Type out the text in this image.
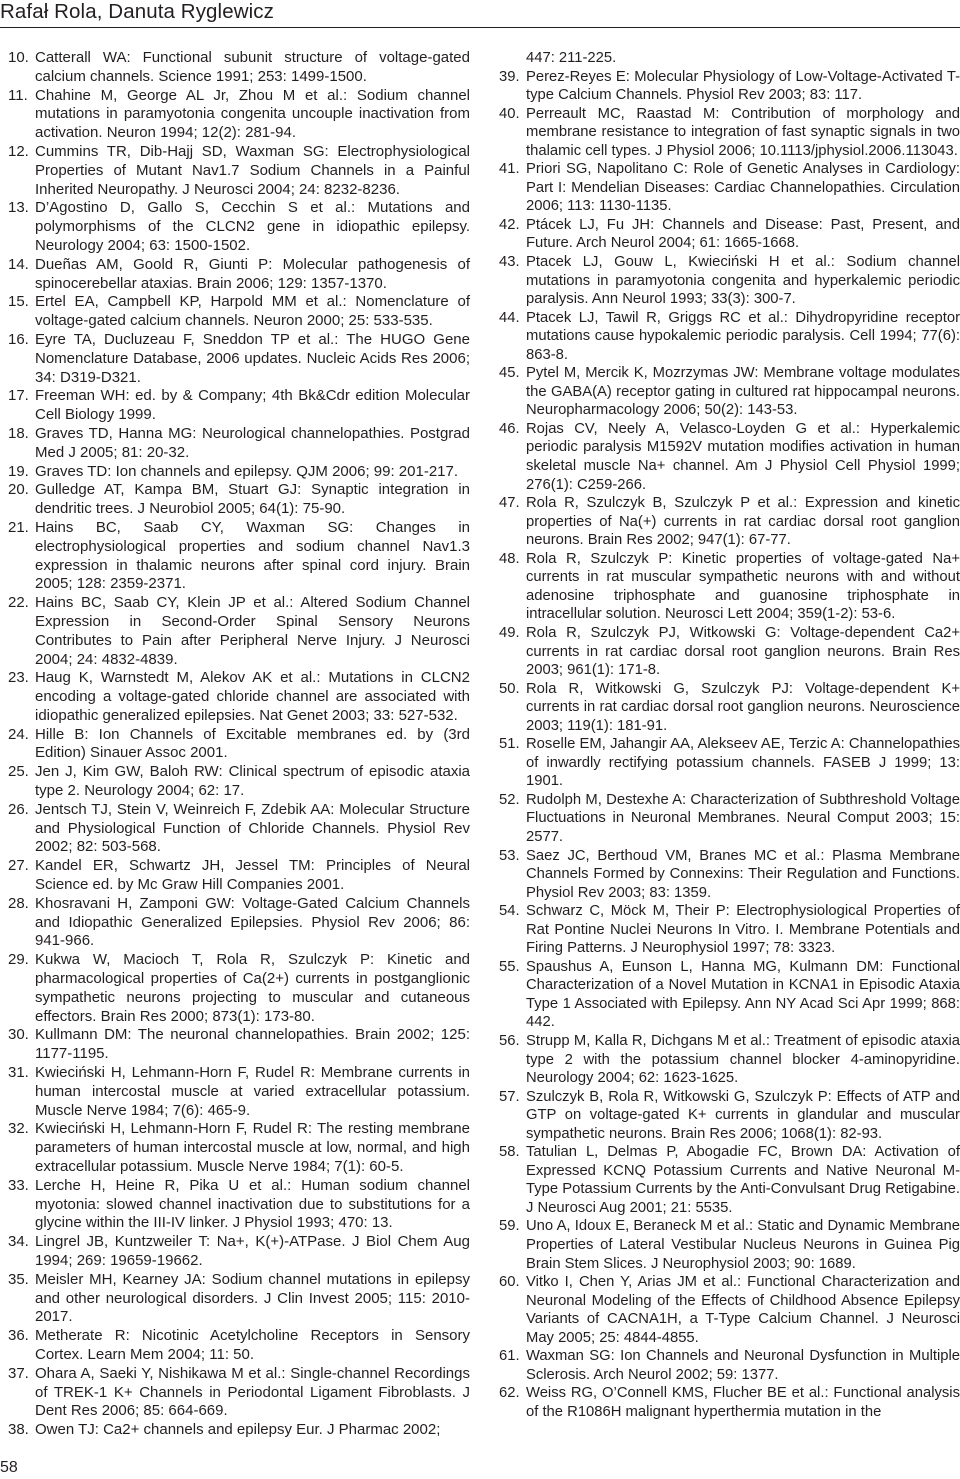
Rafał Rola, Danuta Ryglewicz

10. Catterall WA: Functional subunit structure of voltage-gated calcium channels. Science 1991; 253: 1499-1500.

11. Chahine M, George AL Jr, Zhou M et al.: Sodium channel mutations in paramyotonia congenita uncouple inactivation from activation. Neuron 1994; 12(2): 281-94.

12. Cummins TR, Dib-Hajj SD, Waxman SG: Electrophysiological Properties of Mutant Nav1.7 Sodium Channels in a Painful Inherited Neuropathy. J Neurosci 2004; 24: 8232-8236.

13. D’Agostino D, Gallo S, Cecchin S et al.: Mutations and polymorphisms of the CLCN2 gene in idiopathic epilepsy. Neurology 2004; 63: 1500-1502.

14. Dueñas AM, Goold R, Giunti P: Molecular pathogenesis of spinocerebellar ataxias. Brain 2006; 129: 1357-1370.

15. Ertel EA, Campbell KP, Harpold MM et al.: Nomenclature of voltage-gated calcium channels. Neuron 2000; 25: 533-535.

16. Eyre TA, Ducluzeau F, Sneddon TP et al.: The HUGO Gene Nomenclature Database, 2006 updates. Nucleic Acids Res 2006; 34: D319-D321.

17. Freeman WH: ed. by & Company; 4th Bk&Cdr edition Molecular Cell Biology 1999.

18. Graves TD, Hanna MG: Neurological channelopathies. Postgrad Med J 2005; 81: 20-32.

19. Graves TD: Ion channels and epilepsy. QJM 2006; 99: 201-217.

20. Gulledge AT, Kampa BM, Stuart GJ: Synaptic integration in dendritic trees. J Neurobiol 2005; 64(1): 75-90.

21. Hains BC, Saab CY, Waxman SG: Changes in electrophysiological properties and sodium channel Nav1.3 expression in thalamic neurons after spinal cord injury. Brain 2005; 128: 2359-2371.

22. Hains BC, Saab CY, Klein JP et al.: Altered Sodium Channel Expression in Second-Order Spinal Sensory Neurons Contributes to Pain after Peripheral Nerve Injury. J Neurosci 2004; 24: 4832-4839.

23. Haug K, Warnstedt M, Alekov AK et al.: Mutations in CLCN2 encoding a voltage-gated chloride channel are associated with idiopathic generalized epilepsies. Nat Genet 2003; 33: 527-532.

24. Hille B: Ion Channels of Excitable membranes ed. by (3rd Edition) Sinauer Assoc 2001.

25. Jen J, Kim GW, Baloh RW: Clinical spectrum of episodic ataxia type 2. Neurology 2004; 62: 17.

26. Jentsch TJ, Stein V, Weinreich F, Zdebik AA: Molecular Structure and Physiological Function of Chloride Channels. Physiol Rev 2002; 82: 503-568.

27. Kandel ER, Schwartz JH, Jessel TM: Principles of Neural Science ed. by Mc Graw Hill Companies 2001.

28. Khosravani H, Zamponi GW: Voltage-Gated Calcium Channels and Idiopathic Generalized Epilepsies. Physiol Rev 2006; 86: 941-966.

29. Kukwa W, Macioch T, Rola R, Szulczyk P: Kinetic and pharmacological properties of Ca(2+) currents in postganglionic sympathetic neurons projecting to muscular and cutaneous effectors. Brain Res 2000; 873(1): 173-80.

30. Kullmann DM: The neuronal channelopathies. Brain 2002; 125: 1177-1195.

31. Kwieciński H, Lehmann-Horn F, Rudel R: Membrane currents in human intercostal muscle at varied extracellular potassium. Muscle Nerve 1984; 7(6): 465-9.

32. Kwieciński H, Lehmann-Horn F, Rudel R: The resting membrane parameters of human intercostal muscle at low, normal, and high extracellular potassium. Muscle Nerve 1984; 7(1): 60-5.

33. Lerche H, Heine R, Pika U et al.: Human sodium channel myotonia: slowed channel inactivation due to substitutions for a glycine within the III-IV linker. J Physiol 1993; 470: 13.

34. Lingrel JB, Kuntzweiler T: Na+, K(+)-ATPase. J Biol Chem Aug 1994; 269: 19659-19662.

35. Meisler MH, Kearney JA: Sodium channel mutations in epilepsy and other neurological disorders. J Clin Invest 2005; 115: 2010-2017.

36. Metherate R: Nicotinic Acetylcholine Receptors in Sensory Cortex. Learn Mem 2004; 11: 50.

37. Ohara A, Saeki Y, Nishikawa M et al.: Single-channel Recordings of TREK-1 K+ Channels in Periodontal Ligament Fibroblasts. J Dent Res 2006; 85: 664-669.

38. Owen TJ: Ca2+ channels and epilepsy Eur. J Pharmac 2002;

447: 211-225.

39. Perez-Reyes E: Molecular Physiology of Low-Voltage-Activated T-type Calcium Channels. Physiol Rev 2003; 83: 117.

40. Perreault MC, Raastad M: Contribution of morphology and membrane resistance to integration of fast synaptic signals in two thalamic cell types. J Physiol 2006; 10.1113/jphysiol.2006.113043.

41. Priori SG, Napolitano C: Role of Genetic Analyses in Cardiology: Part I: Mendelian Diseases: Cardiac Channelopathies. Circulation 2006; 113: 1130-1135.

42. Ptácek LJ, Fu JH: Channels and Disease: Past, Present, and Future. Arch Neurol 2004; 61: 1665-1668.

43. Ptacek LJ, Gouw L, Kwieciński H et al.: Sodium channel mutations in paramyotonia congenita and hyperkalemic periodic paralysis. Ann Neurol 1993; 33(3): 300-7.

44. Ptacek LJ, Tawil R, Griggs RC et al.: Dihydropyridine receptor mutations cause hypokalemic periodic paralysis. Cell 1994; 77(6): 863-8.

45. Pytel M, Mercik K, Mozrzymas JW: Membrane voltage modulates the GABA(A) receptor gating in cultured rat hippocampal neurons. Neuropharmacology 2006; 50(2): 143-53.

46. Rojas CV, Neely A, Velasco-Loyden G et al.: Hyperkalemic periodic paralysis M1592V mutation modifies activation in human skeletal muscle Na+ channel. Am J Physiol Cell Physiol 1999; 276(1): C259-266.

47. Rola R, Szulczyk B, Szulczyk P et al.: Expression and kinetic properties of Na(+) currents in rat cardiac dorsal root ganglion neurons. Brain Res 2002; 947(1): 67-77.

48. Rola R, Szulczyk P: Kinetic properties of voltage-gated Na+ currents in rat muscular sympathetic neurons with and without adenosine triphosphate and guanosine triphosphate in intracellular solution. Neurosci Lett 2004; 359(1-2): 53-6.

49. Rola R, Szulczyk PJ, Witkowski G: Voltage-dependent Ca2+ currents in rat cardiac dorsal root ganglion neurons. Brain Res 2003; 961(1): 171-8.

50. Rola R, Witkowski G, Szulczyk PJ: Voltage-dependent K+ currents in rat cardiac dorsal root ganglion neurons. Neuroscience 2003; 119(1): 181-91.

51. Roselle EM, Jahangir AA, Alekseev AE, Terzic A: Channelopathies of inwardly rectifying potassium channels. FASEB J 1999; 13: 1901.

52. Rudolph M, Destexhe A: Characterization of Subthreshold Voltage Fluctuations in Neuronal Membranes. Neural Comput 2003; 15: 2577.

53. Saez JC, Berthoud VM, Branes MC et al.: Plasma Membrane Channels Formed by Connexins: Their Regulation and Functions. Physiol Rev 2003; 83: 1359.

54. Schwarz C, Möck M, Their P: Electrophysiological Properties of Rat Pontine Nuclei Neurons In Vitro. I. Membrane Potentials and Firing Patterns. J Neurophysiol 1997; 78: 3323.

55. Spaushus A, Eunson L, Hanna MG, Kulmann DM: Functional Characterization of a Novel Mutation in KCNA1 in Episodic Ataxia Type 1 Associated with Epilepsy. Ann NY Acad Sci Apr 1999; 868: 442.

56. Strupp M, Kalla R, Dichgans M et al.: Treatment of episodic ataxia type 2 with the potassium channel blocker 4-aminopyridine. Neurology 2004; 62: 1623-1625.

57. Szulczyk B, Rola R, Witkowski G, Szulczyk P: Effects of ATP and GTP on voltage-gated K+ currents in glandular and muscular sympathetic neurons. Brain Res 2006; 1068(1): 82-93.

58. Tatulian L, Delmas P, Abogadie FC, Brown DA: Activation of Expressed KCNQ Potassium Currents and Native Neuronal M-Type Potassium Currents by the Anti-Convulsant Drug Retigabine. J Neurosci Aug 2001; 21: 5535.

59. Uno A, Idoux E, Beraneck M et al.: Static and Dynamic Membrane Properties of Lateral Vestibular Nucleus Neurons in Guinea Pig Brain Stem Slices. J Neurophysiol 2003; 90: 1689.

60. Vitko I, Chen Y, Arias JM et al.: Functional Characterization and Neuronal Modeling of the Effects of Childhood Absence Epilepsy Variants of CACNA1H, a T-Type Calcium Channel. J Neurosci May 2005; 25: 4844-4855.

61. Waxman SG: Ion Channels and Neuronal Dysfunction in Multiple Sclerosis. Arch Neurol 2002; 59: 1377.

62. Weiss RG, O’Connell KMS, Flucher BE et al.: Functional analysis of the R1086H malignant hyperthermia mutation in the

58
